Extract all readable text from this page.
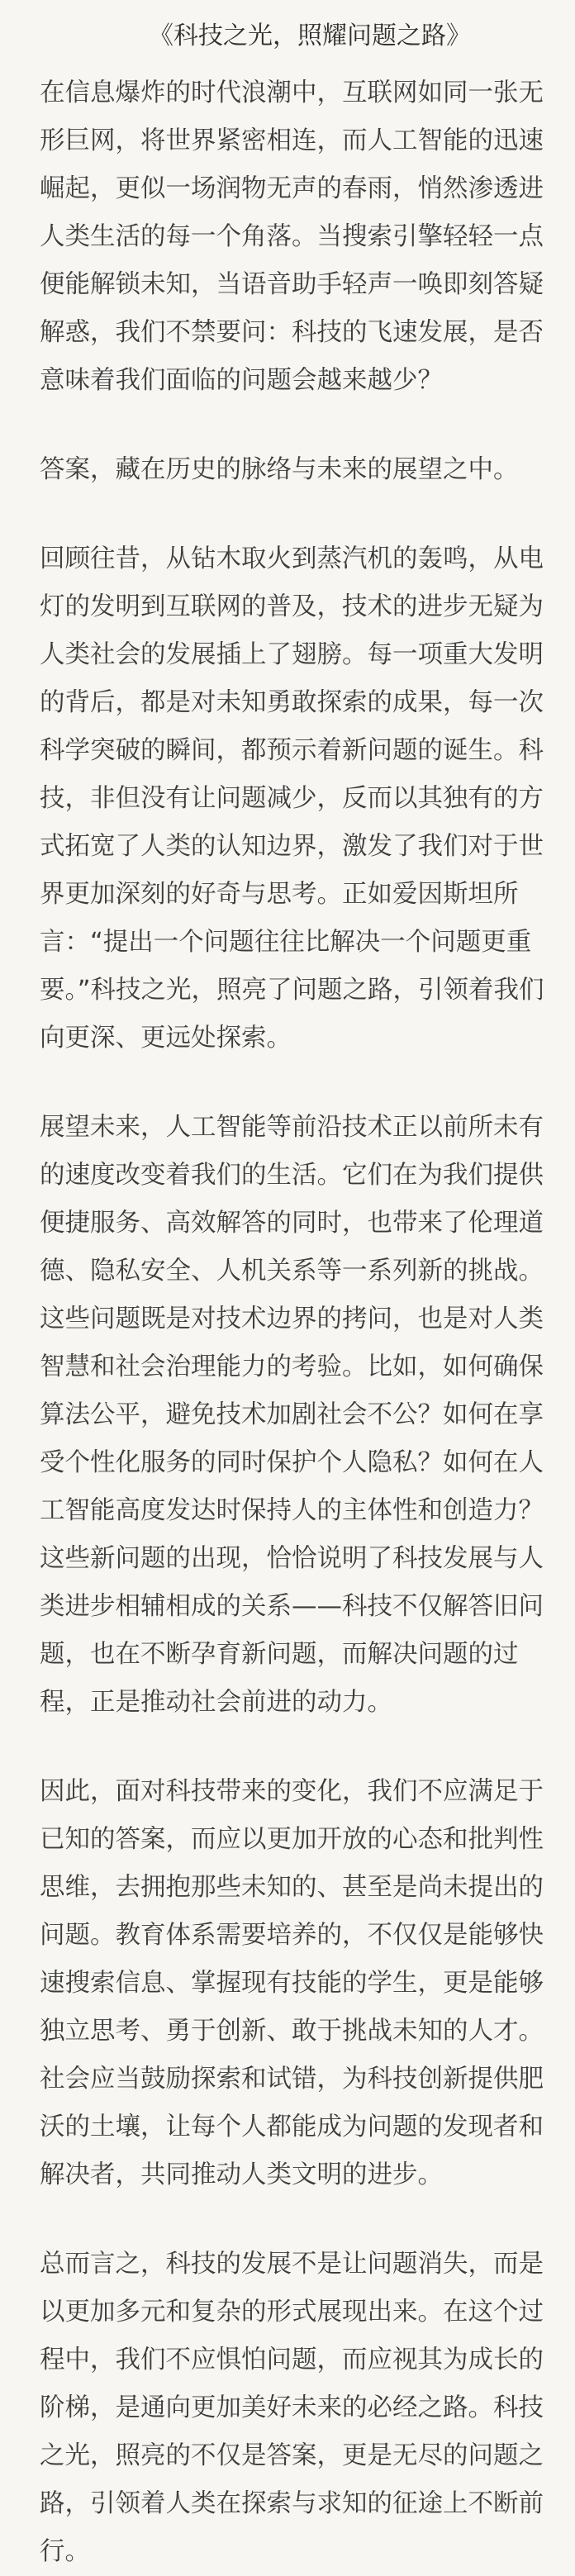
《科技之光，照耀问题之路》
在信息爆炸的时代浪潮中，互联网如同一张无
形巨网，将世界紧密相连，而人工智能的迅速
崛起，更似一场润物无声的春雨，悄然渗透进
人类生活的每一个角落。当搜索引擎轻轻一点
便能解锁未知，当语音助手轻声一唤即刻答疑
解惑，我们不禁要问：科技的飞速发展，是否
意味着我们面临的问题会越来越少？
答案，藏在历史的脉络与未来的展望之中。
回顾往昔，从钻木取火到蒸汽机的轰鸣，从电
灯的发明到互联网的普及，技术的进步无疑为
人类社会的发展插上了翅膀。每一项重大发明
的背后，都是对未知勇敢探索的成果，每一次
科学突破的瞬间，都预示着新问题的诞生。科
技，非但没有让问题减少，反而以其独有的方
式拓宽了人类的认知边界，激发了我们对于世
界更加深刻的好奇与思考。正如爱因斯坦所
言：“提出一个问题往往比解决一个问题更重
要。”科技之光，照亮了问题之路，引领着我们
向更深、更远处探索。
展望未来，人工智能等前沿技术正以前所未有
的速度改变着我们的生活。它们在为我们提供
便捷服务、高效解答的同时，也带来了伦理道
德、隐私安全、人机关系等一系列新的挑战。
这些问题既是对技术边界的拷问，也是对人类
智慧和社会治理能力的考验。比如，如何确保
算法公平，避免技术加剧社会不公？如何在享
受个性化服务的同时保护个人隐私？如何在人
工智能高度发达时保持人的主体性和创造力？
这些新问题的出现，恰恰说明了科技发展与人
类进步相辅相成的关系——科技不仅解答旧问
题，也在不断孕育新问题，而解决问题的过
程，正是推动社会前进的动力。
因此，面对科技带来的变化，我们不应满足于
已知的答案，而应以更加开放的心态和批判性
思维，去拥抱那些未知的、甚至是尚未提出的
问题。教育体系需要培养的，不仅仅是能够快
速搜索信息、掌握现有技能的学生，更是能够
独立思考、勇于创新、敢于挑战未知的人才。
社会应当鼓励探索和试错，为科技创新提供肥
沃的土壤，让每个人都能成为问题的发现者和
解决者，共同推动人类文明的进步。
总而言之，科技的发展不是让问题消失，而是
以更加多元和复杂的形式展现出来。在这个过
程中，我们不应惧怕问题，而应视其为成长的
阶梯，是通向更加美好未来的必经之路。科技
之光，照亮的不仅是答案，更是无尽的问题之
路，引领着人类在探索与求知的征途上不断前
行。
